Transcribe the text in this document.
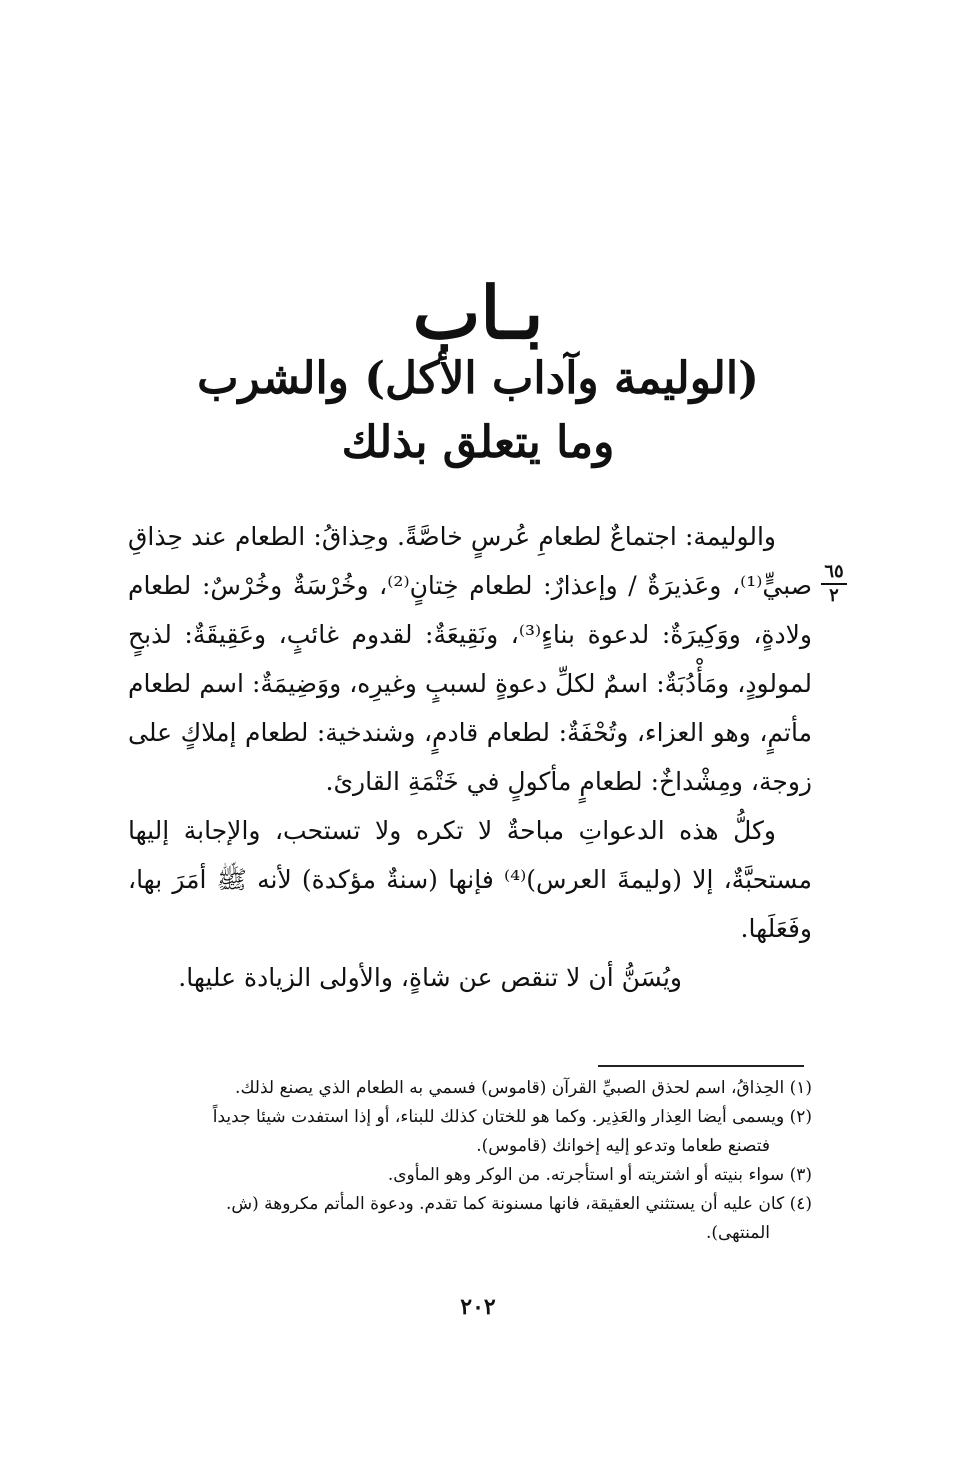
بـاب
(الوليمة وآداب الأكل) والشرب
وما يتعلق بذلك
٦٥
٢

والوليمة: اجتماعٌ لطعامِ عُرسٍ خاصَّةً. وحِذاقُ: الطعام عند حِذاقِ صبيٍّ⁽¹⁾، وعَذيرَةٌ / وإعذارٌ: لطعام خِتانٍ⁽²⁾، وخُرْسَةٌ وخُرْسٌ: لطعام ولادةٍ، ووَكِيرَةٌ: لدعوة بناءٍ⁽³⁾، ونَقِيعَةٌ: لقدوم غائبٍ، وعَقِيقَةٌ: لذبحٍ لمولودٍ، ومَأْدُبَةٌ: اسمٌ لكلِّ دعوةٍ لسببٍ وغيرِه، ووَضِيمَةٌ: اسم لطعام مأتمٍ، وهو العزاء، وتُحْفَةٌ: لطعام قادمٍ، وشندخية: لطعام إملاكٍ على زوجة، ومِشْداخٌ: لطعامٍ مأكولٍ في خَتْمَةِ القارئ.

وكلُّ هذه الدعواتِ مباحةٌ لا تكره ولا تستحب، والإجابة إليها مستحبَّةٌ، إلا (وليمةَ العرس)⁽⁴⁾ فإنها (سنةٌ مؤكدة) لأنه ﷺ أمَرَ بها، وفَعَلَها.

ويُسَنُّ أن لا تنقص عن شاةٍ، والأولى الزيادة عليها.

(١) الحِذاقُ، اسم لحذق الصبيِّ القرآن (قاموس) فسمي به الطعام الذي يصنع لذلك.

(٢) ويسمى أيضا العِذار والعَذِير. وكما هو للختان كذلك للبناء، أو إذا استفدت شيئا جديداً

فتصنع طعاما وتدعو إليه إخوانك (قاموس).

(٣) سواء بنيته أو اشتريته أو استأجرته. من الوكر وهو المأوى.

(٤) كان عليه أن يستثني العقيقة، فانها مسنونة كما تقدم. ودعوة المأتم مكروهة (ش.

المنتهى).

٢٠٢
